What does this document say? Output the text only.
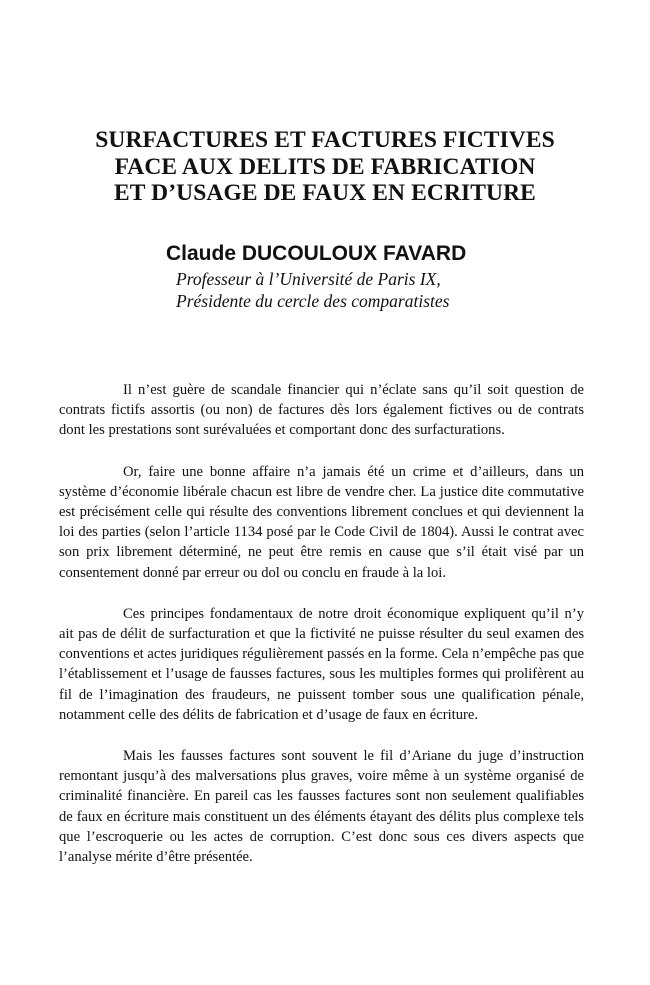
SURFACTURES ET FACTURES FICTIVES
FACE AUX DELITS DE FABRICATION
ET D’USAGE DE FAUX EN ECRITURE
Claude DUCOULOUX FAVARD
Professeur à l’Université de Paris IX,
Présidente du cercle des comparatistes

Il n’est guère de scandale financier qui n’éclate sans qu’il soit question de contrats fictifs assortis (ou non) de factures dès lors également fictives ou de contrats dont les prestations sont surévaluées et comportant donc des surfacturations.

Or, faire une bonne affaire n’a jamais été un crime et d’ailleurs, dans un système d’économie libérale chacun est libre de vendre cher. La justice dite commutative est précisément celle qui résulte des conventions librement conclues et qui deviennent la loi des parties (selon l’article 1134 posé par le Code Civil de 1804). Aussi le contrat avec son prix librement déterminé, ne peut être remis en cause que s’il était visé par un consentement donné par erreur ou dol ou conclu en fraude à la loi.

Ces principes fondamentaux de notre droit économique expliquent qu’il n’y ait pas de délit de surfacturation et que la fictivité ne puisse résulter du seul examen des conventions et actes juridiques régulièrement passés en la forme. Cela n’empêche pas que l’établissement et l’usage de fausses factures, sous les multiples formes qui prolifèrent au fil de l’imagination des fraudeurs, ne puissent tomber sous une qualification pénale, notamment celle des délits de fabrication et d’usage de faux en écriture.

Mais les fausses factures sont souvent le fil d’Ariane du juge d’instruction remontant jusqu’à des malversations plus graves, voire même à un système organisé de criminalité financière. En pareil cas les fausses factures sont non seulement qualifiables de faux en écriture mais constituent un des éléments étayant des délits plus complexe tels que l’escroquerie ou les actes de corruption. C’est donc sous ces divers aspects que l’analyse mérite d’être présentée.
